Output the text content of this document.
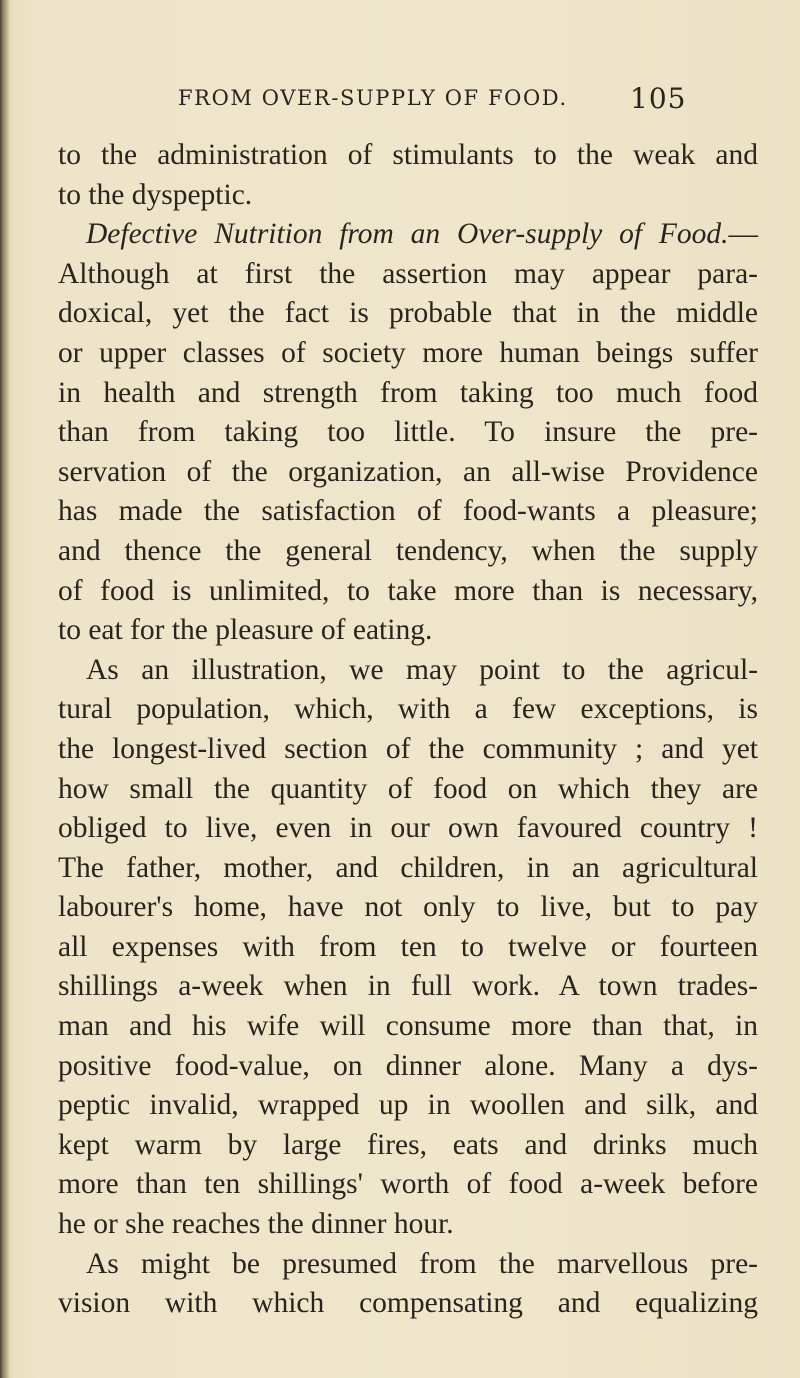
FROM OVER-SUPPLY OF FOOD. 105
to the administration of stimulants to the weak and
to the dyspeptic.
Defective Nutrition from an Over-supply of Food.—
Although at first the assertion may appear para-
doxical, yet the fact is probable that in the middle
or upper classes of society more human beings suffer
in health and strength from taking too much food
than from taking too little. To insure the pre-
servation of the organization, an all-wise Providence
has made the satisfaction of food-wants a pleasure;
and thence the general tendency, when the supply
of food is unlimited, to take more than is necessary,
to eat for the pleasure of eating.
As an illustration, we may point to the agricul-
tural population, which, with a few exceptions, is
the longest-lived section of the community ; and yet
how small the quantity of food on which they are
obliged to live, even in our own favoured country !
The father, mother, and children, in an agricultural
labourer's home, have not only to live, but to pay
all expenses with from ten to twelve or fourteen
shillings a-week when in full work. A town trades-
man and his wife will consume more than that, in
positive food-value, on dinner alone. Many a dys-
peptic invalid, wrapped up in woollen and silk, and
kept warm by large fires, eats and drinks much
more than ten shillings' worth of food a-week before
he or she reaches the dinner hour.
As might be presumed from the marvellous pre-
vision with which compensating and equalizing
